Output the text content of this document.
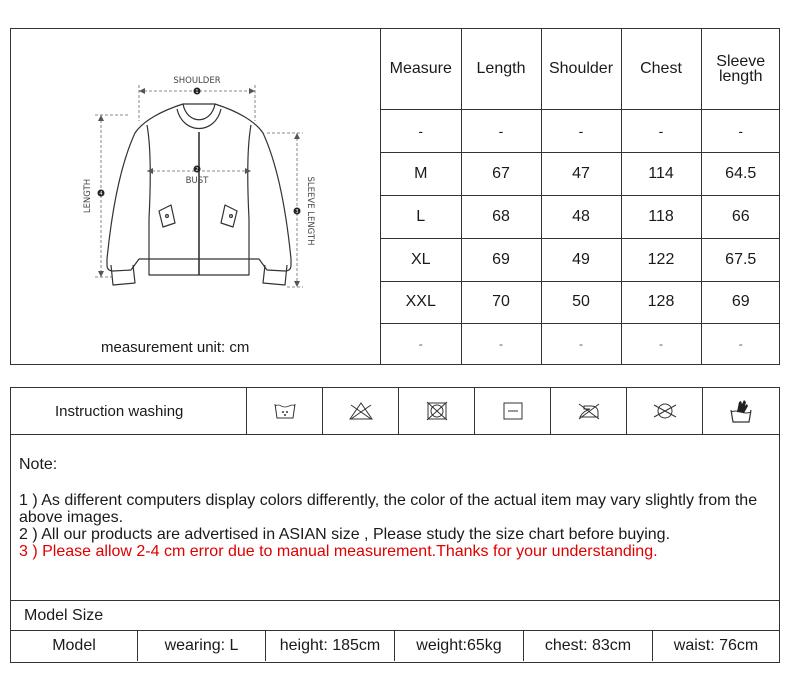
1
2
4
3
SHOULDER
BUST
LENGTH	SLEEVE LENGTH
measurement unit: cm
Measure	Length	Shoulder	Chest	Sleeve length
-	-	-	-	-
M	67	47	114	64.5
L	68	48	118	66
XL	69	49	122	67.5
XXL	70	50	128	69
-	-	-	-	-
Instruction washing
Note:
1 ) As different computers display colors differently, the color of the actual item may vary slightly from the above images.
2 ) All our products are advertised in ASIAN size , Please study the size chart before buying.
3 ) Please allow 2-4 cm error due to manual measurement.Thanks for your understanding.
Model Size
Model	wearing: L	height: 185cm	weight:65kg	chest: 83cm	waist: 76cm
